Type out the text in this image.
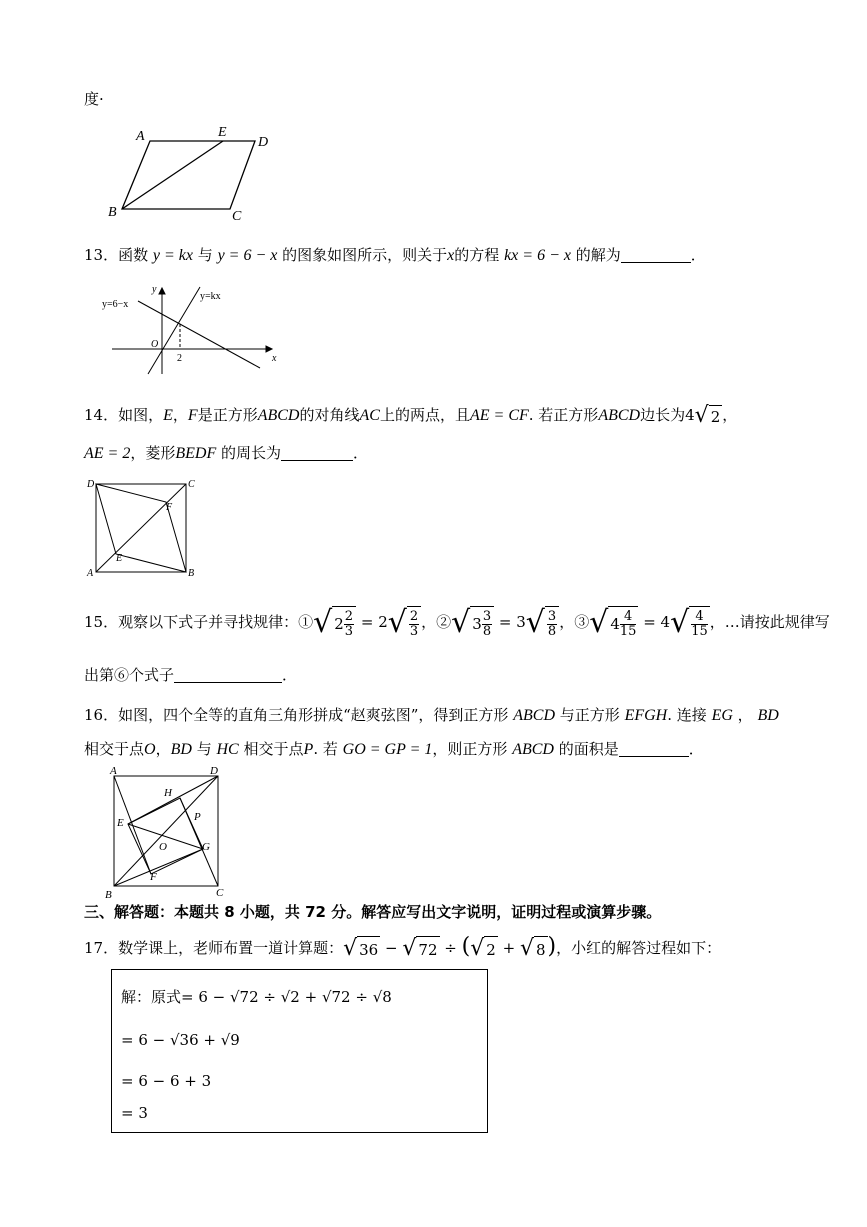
度·
A	E
D
B	C
13．函数 y = kx 与 y = 6 − x 的图象如图所示，则关于x的方程 kx = 6 − x 的解为	．
y=6−x
y=kx
y
x
O
2
14．如图，E，F是正方形ABCD的对角线AC上的两点，且AE = CF. 若正方形ABCD边长为4√ 2 ，
AE = 2，菱形BEDF 的周长为	．
D	C
F
E
A	B
15．观察以下式子并寻找规律：①√ $2 \frac{2}{3} = 2√ \frac{2}{3}$ ，②√ $3 \frac{3}{8} = 3√ \frac{3}{8}$ ，③√ $4 \frac{4}{15} = 4√ \frac{4}{15}$ ，…请按此规律写
出第⑥个式子	．
16．如图，四个全等的直角三角形拼成“赵爽弦图”，得到正方形 ABCD 与正方形 EFGH. 连接 EG ， BD
相交于点O，BD 与 HC 相交于点P. 若 GO = GP = 1，则正方形 ABCD 的面积是	．
A	D
H
P
E
O	G
B
F
C
三、解答题：本题共 8 小题，共 72 分。解答应写出文字说明，证明过程或演算步骤。
17．数学课上，老师布置一道计算题：√ 36 − √ 72 ÷ (√ 2 + √ 8)，小红的解答过程如下：
解：原式= 6 − √72 ÷ √2 + √72 ÷ √8
= 6 − √36 + √9
= 6 − 6 + 3
= 3
